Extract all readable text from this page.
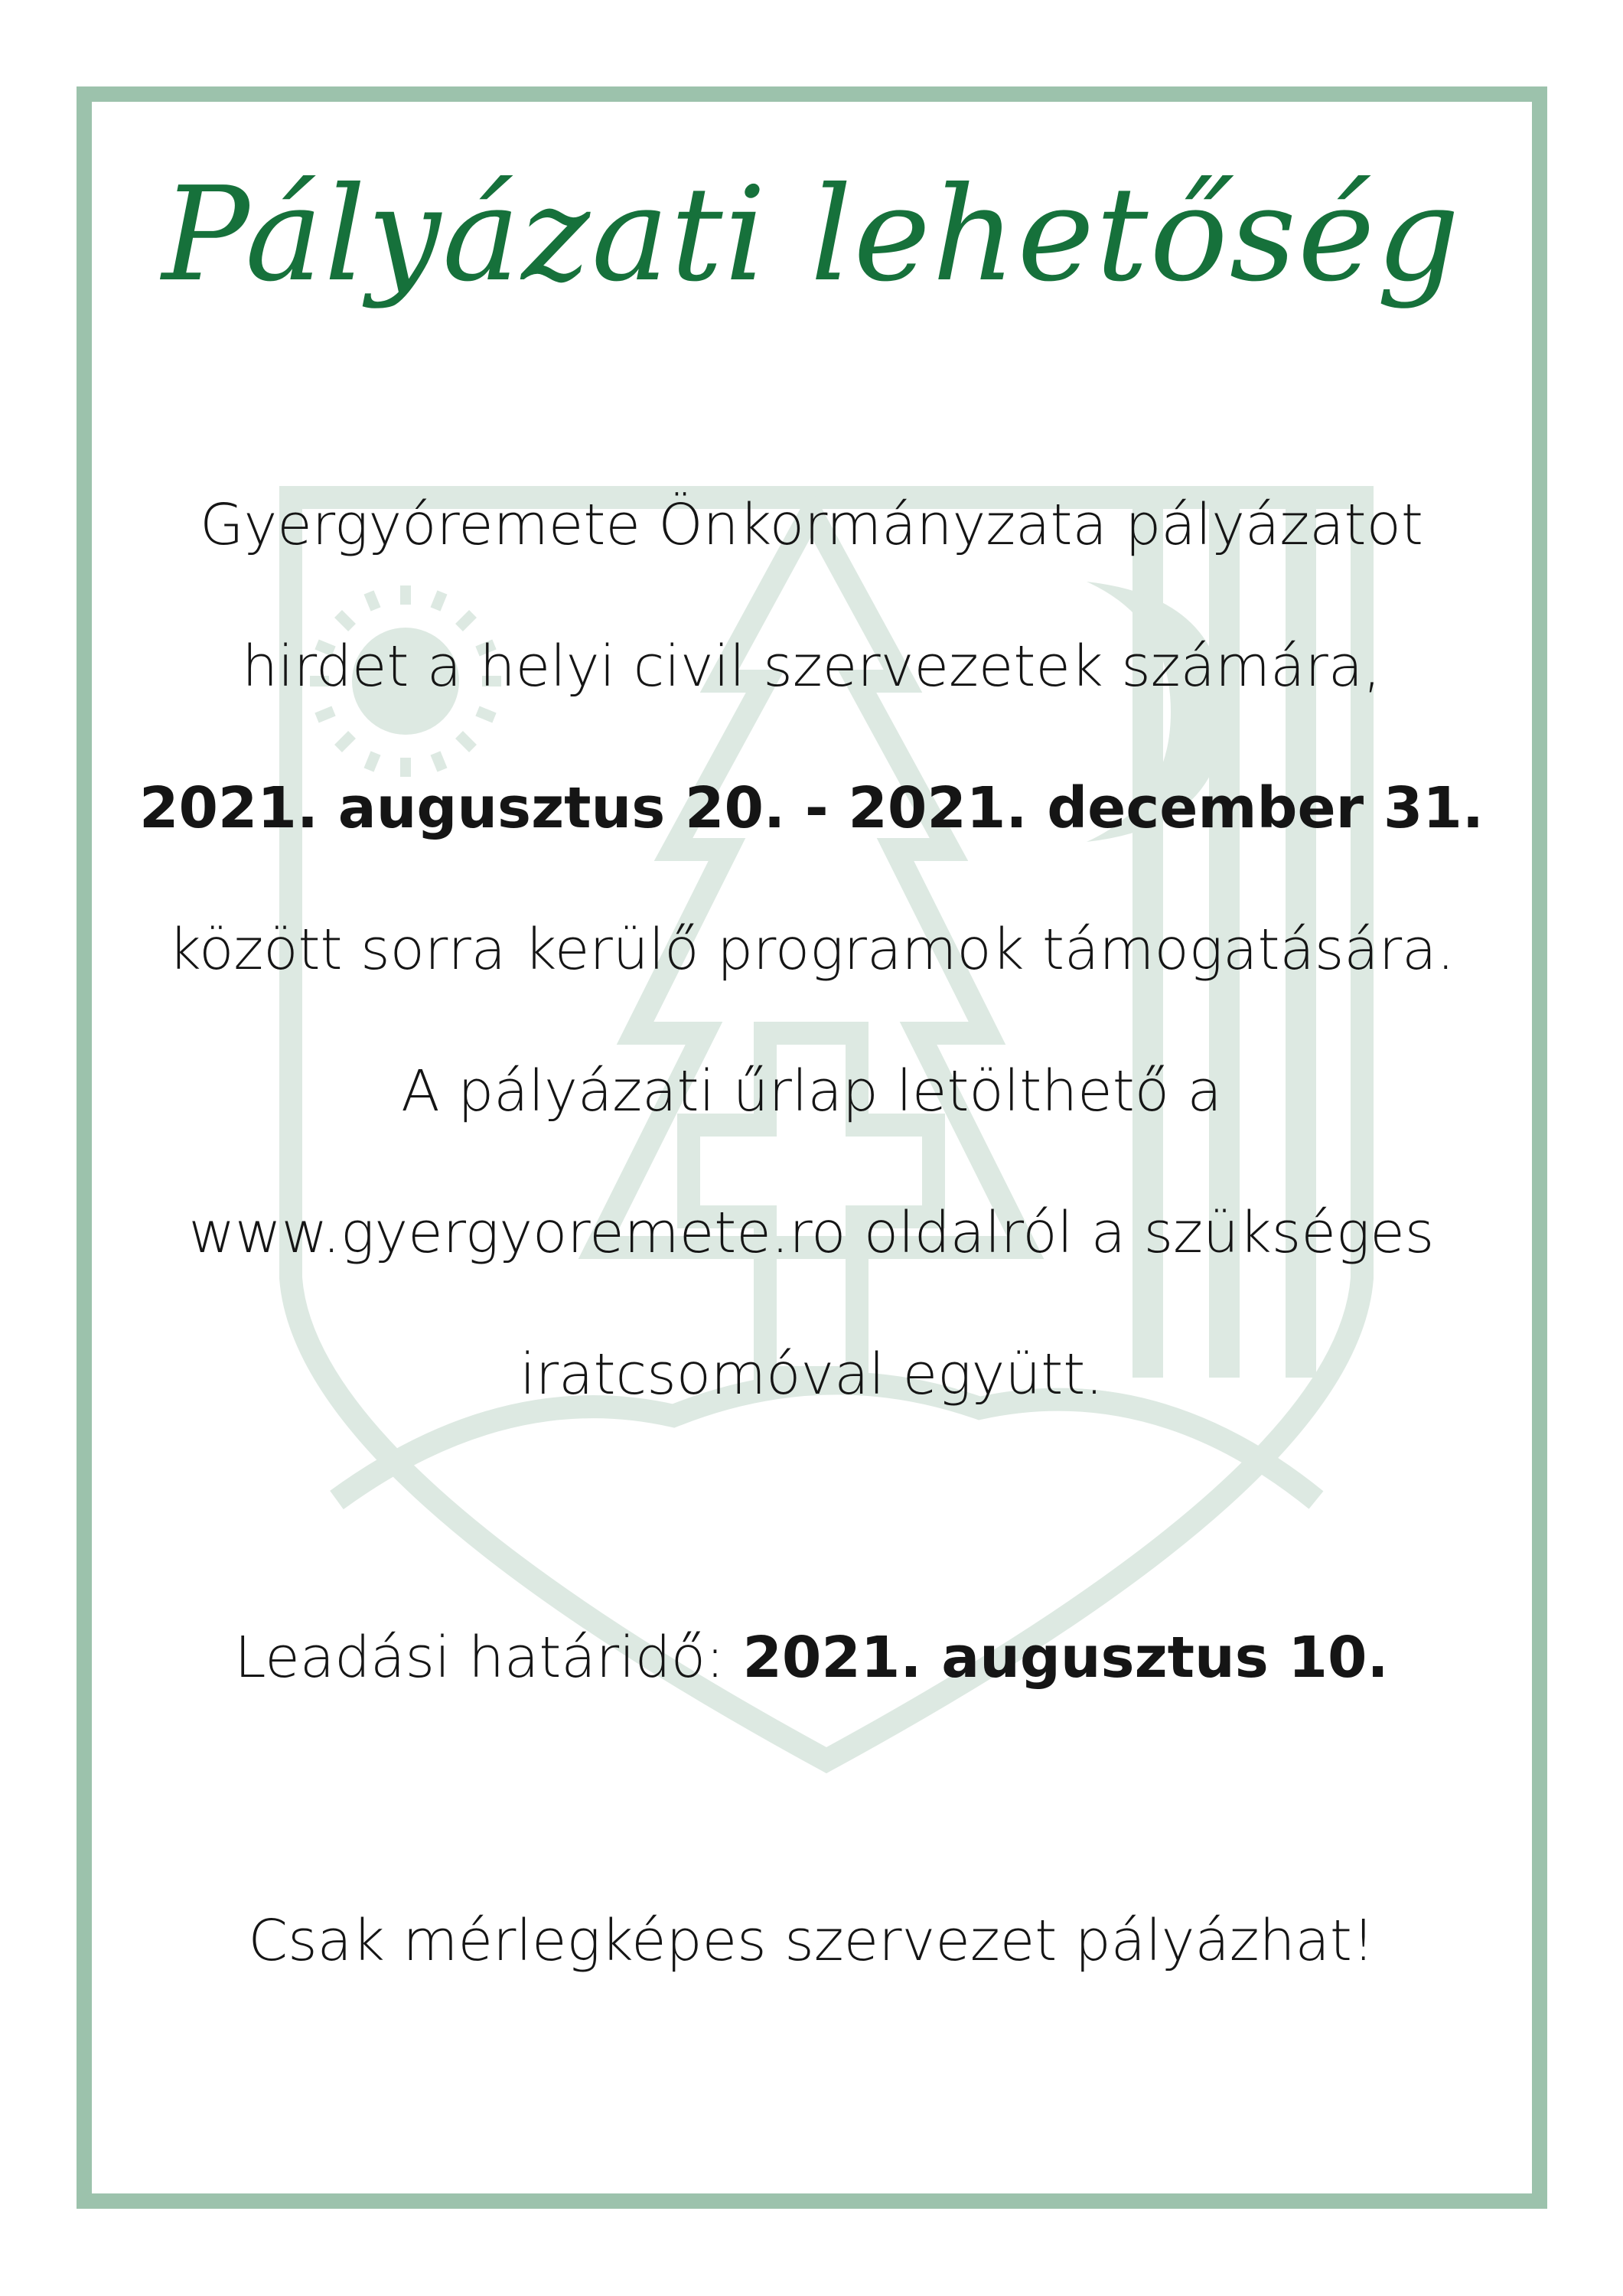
Pályázati lehetőség
Gyergyóremete Önkormányzata pályázatot
hirdet a helyi civil szervezetek számára,
2021. augusztus 20. - 2021. december 31.
között sorra kerülő programok támogatására.
A pályázati űrlap letölthető a
www.gyergyoremete.ro oldalról a szükséges
iratcsomóval együtt.
Leadási határidő: 2021. augusztus 10.
Csak mérlegképes szervezet pályázhat!
